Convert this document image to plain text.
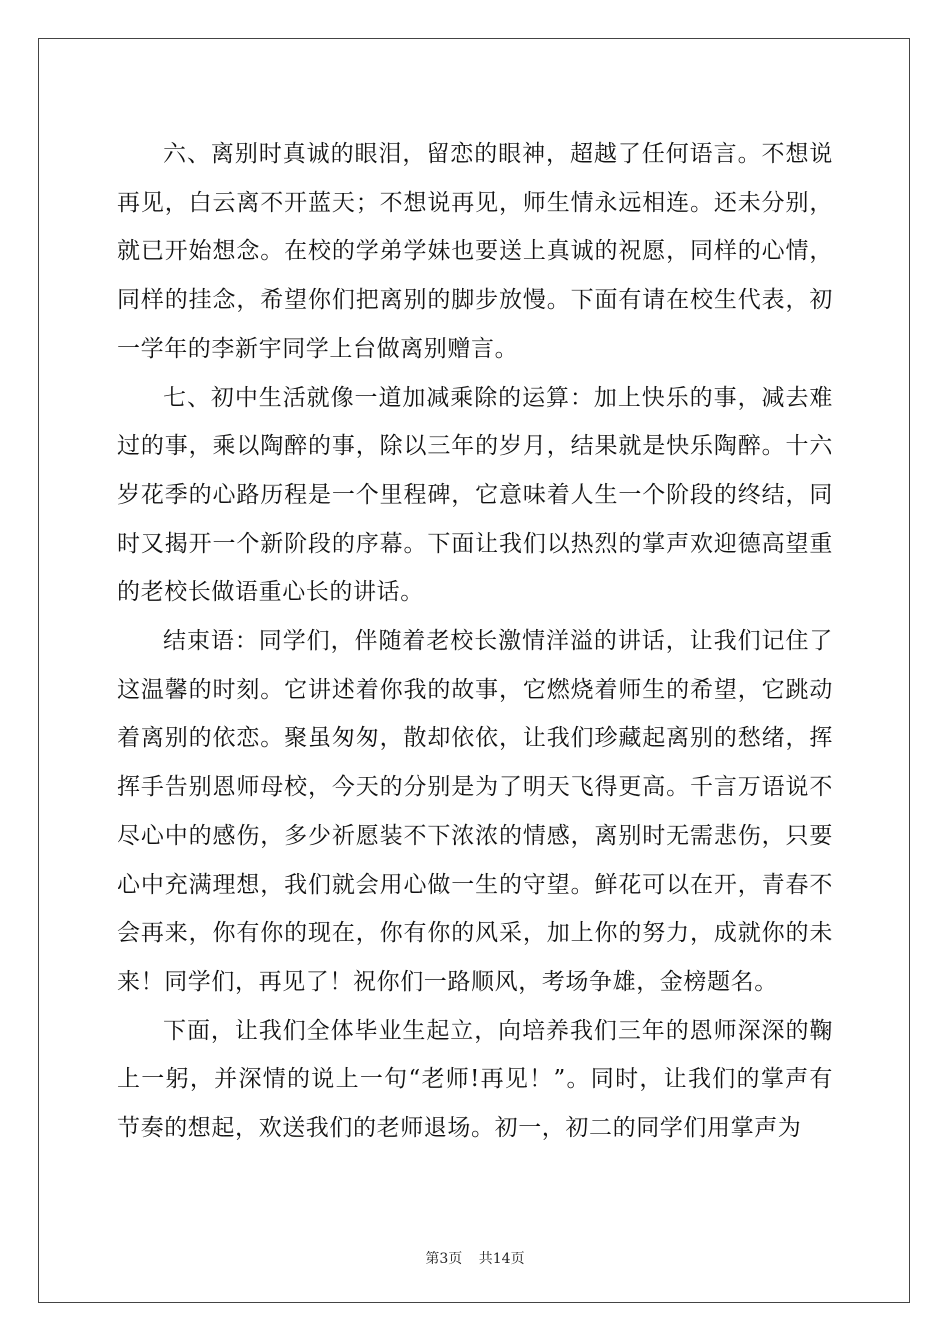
六、离别时真诚的眼泪，留恋的眼神，超越了任何语言。不想说再见，白云离不开蓝天；不想说再见，师生情永远相连。还未分别，就已开始想念。在校的学弟学妹也要送上真诚的祝愿，同样的心情，同样的挂念，希望你们把离别的脚步放慢。下面有请在校生代表，初一学年的李新宇同学上台做离别赠言。

七、初中生活就像一道加减乘除的运算：加上快乐的事，减去难过的事，乘以陶醉的事，除以三年的岁月，结果就是快乐陶醉。十六岁花季的心路历程是一个里程碑，它意味着人生一个阶段的终结，同时又揭开一个新阶段的序幕。下面让我们以热烈的掌声欢迎德高望重的老校长做语重心长的讲话。

结束语：同学们，伴随着老校长激情洋溢的讲话，让我们记住了这温馨的时刻。它讲述着你我的故事，它燃烧着师生的希望，它跳动着离别的依恋。聚虽匆匆，散却依依，让我们珍藏起离别的愁绪，挥挥手告别恩师母校，今天的分别是为了明天飞得更高。千言万语说不尽心中的感伤，多少祈愿装不下浓浓的情感，离别时无需悲伤，只要心中充满理想，我们就会用心做一生的守望。鲜花可以在开，青春不会再来，你有你的现在，你有你的风采，加上你的努力，成就你的未来！同学们，再见了！祝你们一路顺风，考场争雄，金榜题名。

下面，让我们全体毕业生起立，向培养我们三年的恩师深深的鞠上一躬，并深情的说上一句“老师!再见！”。同时，让我们的掌声有节奏的想起，欢送我们的老师退场。初一，初二的同学们用掌声为

第3页 共14页
